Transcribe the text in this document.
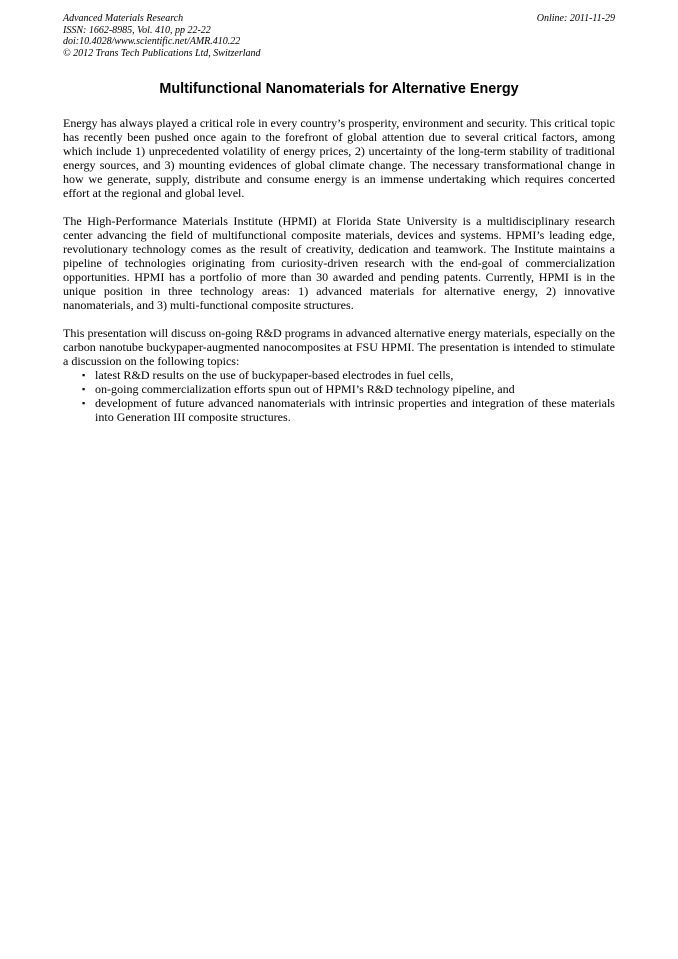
Advanced Materials Research
ISSN: 1662-8985, Vol. 410, pp 22-22
doi:10.4028/www.scientific.net/AMR.410.22
© 2012 Trans Tech Publications Ltd, Switzerland
Online: 2011-11-29
Multifunctional Nanomaterials for Alternative Energy

Energy has always played a critical role in every country’s prosperity, environment and security. This critical topic has recently been pushed once again to the forefront of global attention due to several critical factors, among which include 1) unprecedented volatility of energy prices, 2) uncertainty of the long-term stability of traditional energy sources, and 3) mounting evidences of global climate change. The necessary transformational change in how we generate, supply, distribute and consume energy is an immense undertaking which requires concerted effort at the regional and global level.

The High-Performance Materials Institute (HPMI) at Florida State University is a multidisciplinary research center advancing the field of multifunctional composite materials, devices and systems. HPMI’s leading edge, revolutionary technology comes as the result of creativity, dedication and teamwork. The Institute maintains a pipeline of technologies originating from curiosity-driven research with the end-goal of commercialization opportunities. HPMI has a portfolio of more than 30 awarded and pending patents. Currently, HPMI is in the unique position in three technology areas: 1) advanced materials for alternative energy, 2) innovative nanomaterials, and 3) multi-functional composite structures.

This presentation will discuss on-going R&D programs in advanced alternative energy materials, especially on the carbon nanotube buckypaper-augmented nanocomposites at FSU HPMI. The presentation is intended to stimulate a discussion on the following topics:

▪ latest R&D results on the use of buckypaper-based electrodes in fuel cells,
▪ on-going commercialization efforts spun out of HPMI’s R&D technology pipeline, and
▪ development of future advanced nanomaterials with intrinsic properties and integration of these materials into Generation III composite structures.
